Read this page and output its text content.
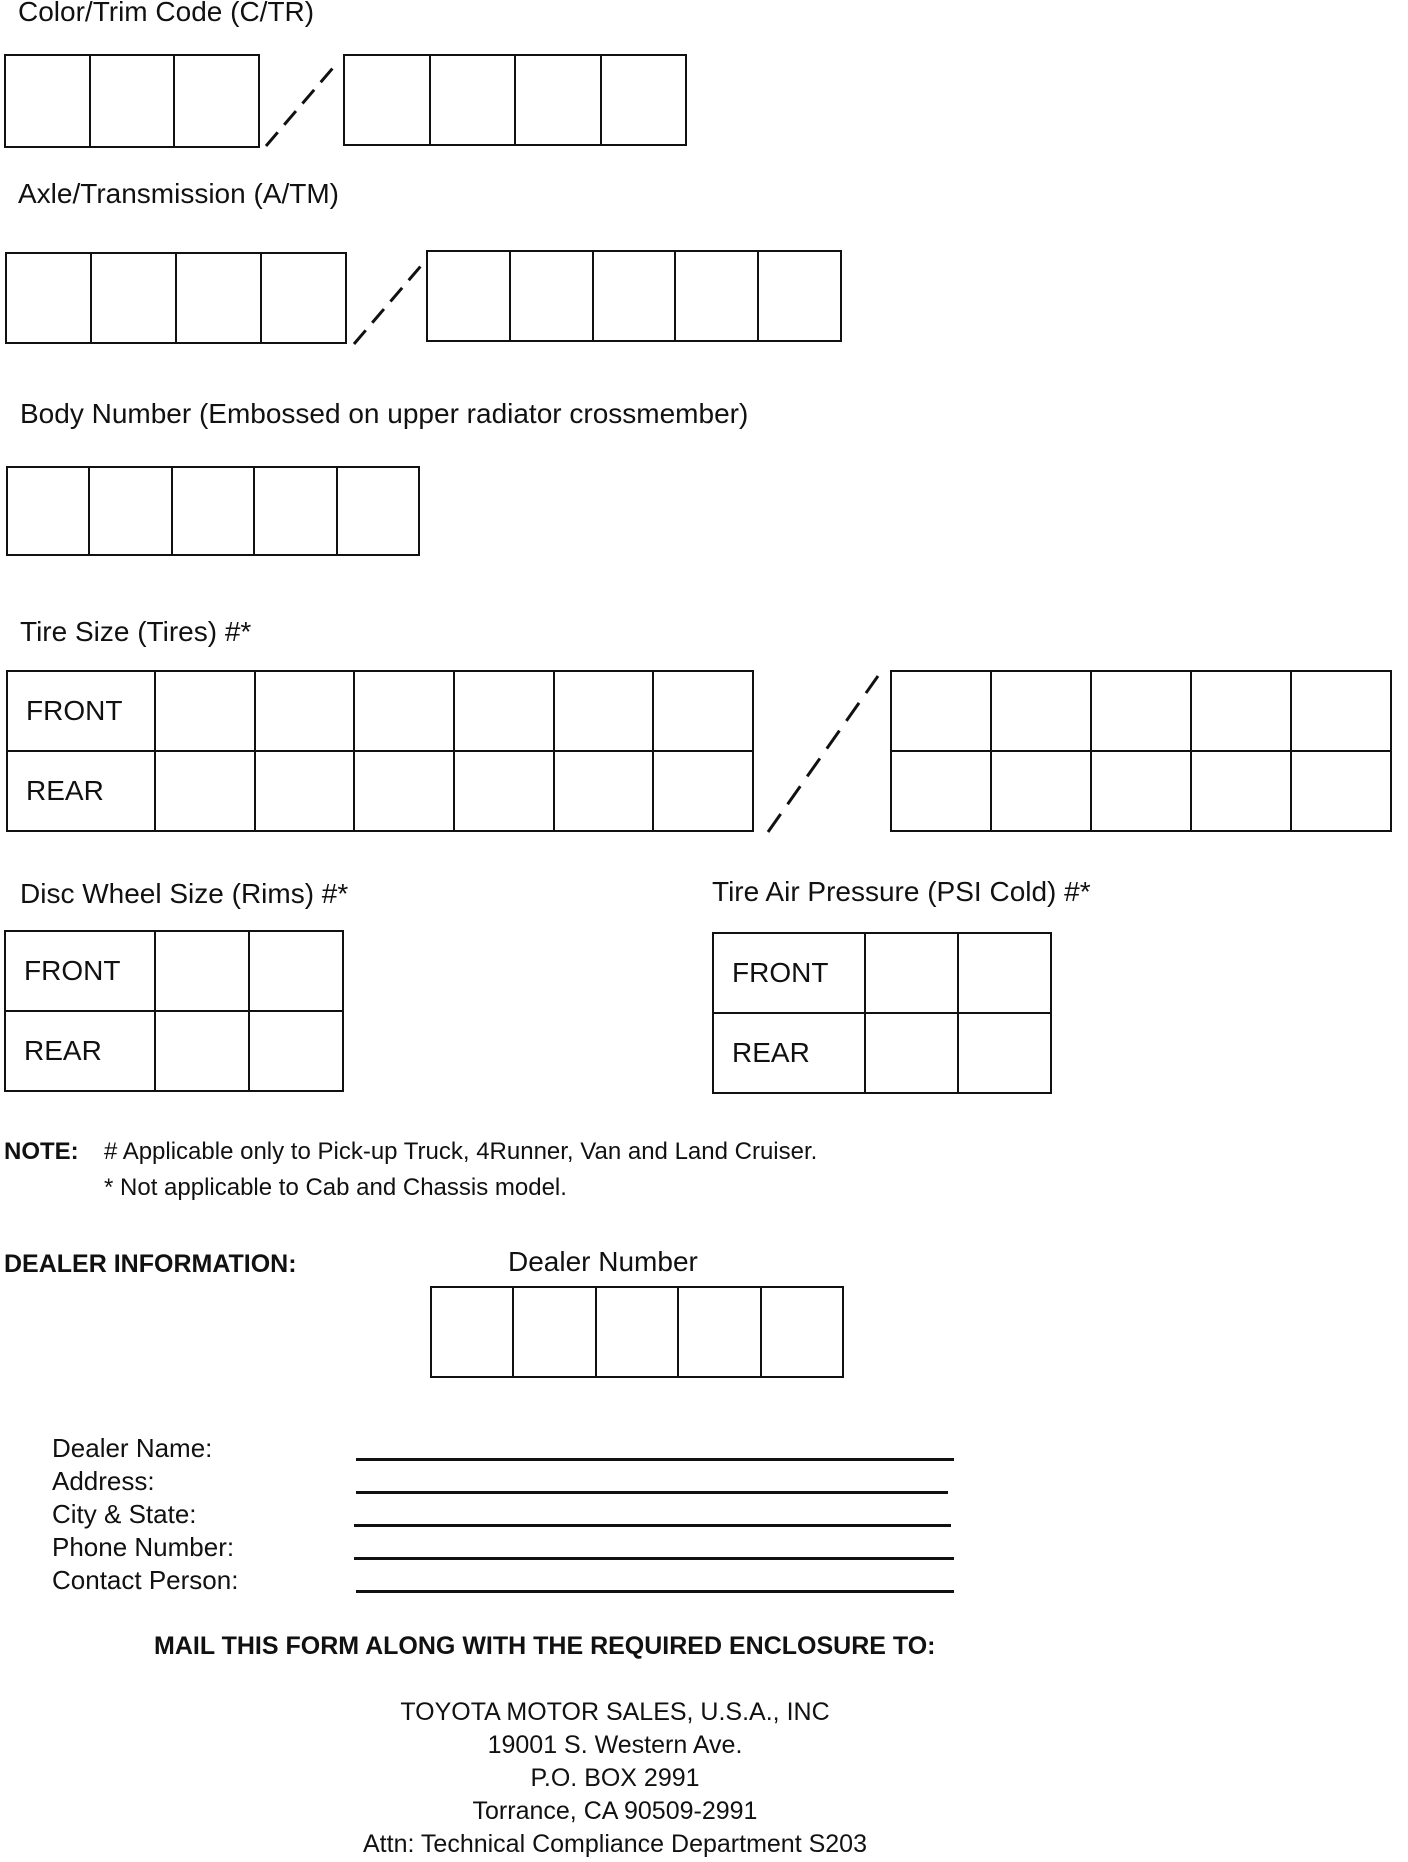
Color/Trim Code (C/TR)
Axle/Transmission (A/TM)
Body Number (Embossed on upper radiator crossmember)
Tire Size (Tires) #*
FRONT						
REAR						

Disc Wheel Size (Rims) #*
FRONT		
REAR		
Tire Air Pressure (PSI Cold) #*
FRONT		
REAR		
NOTE: # Applicable only to Pick-up Truck, 4Runner, Van and Land Cruiser.
* Not applicable to Cab and Chassis model.
DEALER INFORMATION:	Dealer Number
Dealer Name:
Address:
City & State:
Phone Number:
Contact Person:
MAIL THIS FORM ALONG WITH THE REQUIRED ENCLOSURE TO:
TOYOTA MOTOR SALES, U.S.A., INC
19001 S. Western Ave.
P.O. BOX 2991
Torrance, CA 90509-2991
Attn: Technical Compliance Department S203
